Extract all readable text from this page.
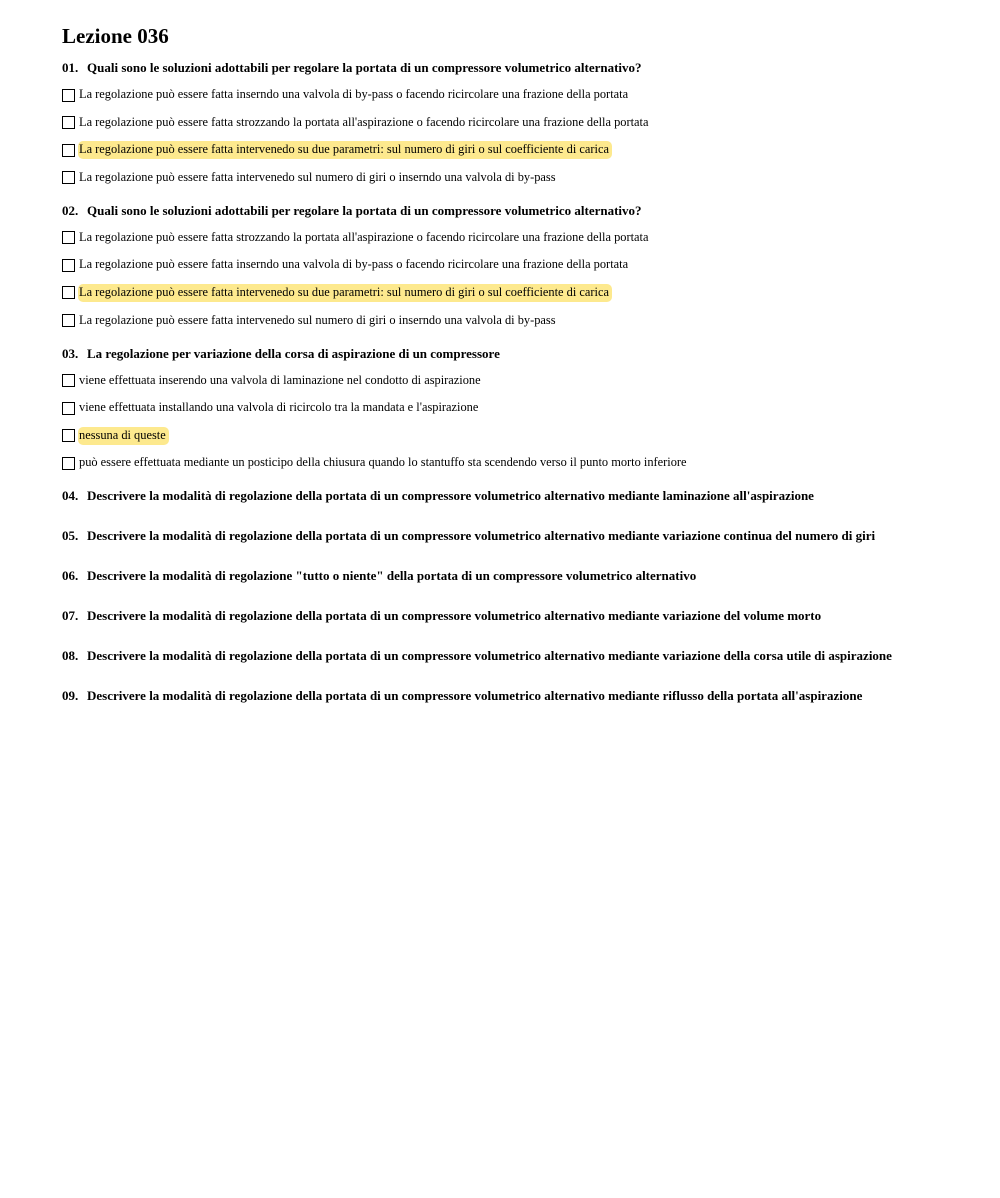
Lezione 036
01. Quali sono le soluzioni adottabili per regolare la portata di un compressore volumetrico alternativo?
La regolazione può essere fatta inserndo una valvola di by-pass o facendo ricircolare una frazione della portata
La regolazione può essere fatta strozzando la portata all'aspirazione o facendo ricircolare una frazione della portata
La regolazione può essere fatta intervenedo su due parametri: sul numero di giri o sul coefficiente di carica
La regolazione può essere fatta intervenedo sul numero di giri o inserndo una valvola di by-pass
02. Quali sono le soluzioni adottabili per regolare la portata di un compressore volumetrico alternativo?
La regolazione può essere fatta strozzando la portata all'aspirazione o facendo ricircolare una frazione della portata
La regolazione può essere fatta inserndo una valvola di by-pass o facendo ricircolare una frazione della portata
La regolazione può essere fatta intervenedo su due parametri: sul numero di giri o sul coefficiente di carica
La regolazione può essere fatta intervenedo sul numero di giri o inserndo una valvola di by-pass
03. La regolazione per variazione della corsa di aspirazione di un compressore
viene effettuata inserendo una valvola di laminazione nel condotto di aspirazione
viene effettuata installando una valvola di ricircolo tra la mandata e l'aspirazione
nessuna di queste
può essere effettuata mediante un posticipo della chiusura quando lo stantuffo sta scendendo verso il punto morto inferiore
04. Descrivere la modalità di regolazione della portata di un compressore volumetrico alternativo mediante laminazione all'aspirazione
05. Descrivere la modalità di regolazione della portata di un compressore volumetrico alternativo mediante variazione continua del numero di giri
06. Descrivere la modalità di regolazione "tutto o niente" della portata di un compressore volumetrico alternativo
07. Descrivere la modalità di regolazione della portata di un compressore volumetrico alternativo mediante variazione del volume morto
08. Descrivere la modalità di regolazione della portata di un compressore volumetrico alternativo mediante variazione della corsa utile di aspirazione
09. Descrivere la modalità di regolazione della portata di un compressore volumetrico alternativo mediante riflusso della portata all'aspirazione
